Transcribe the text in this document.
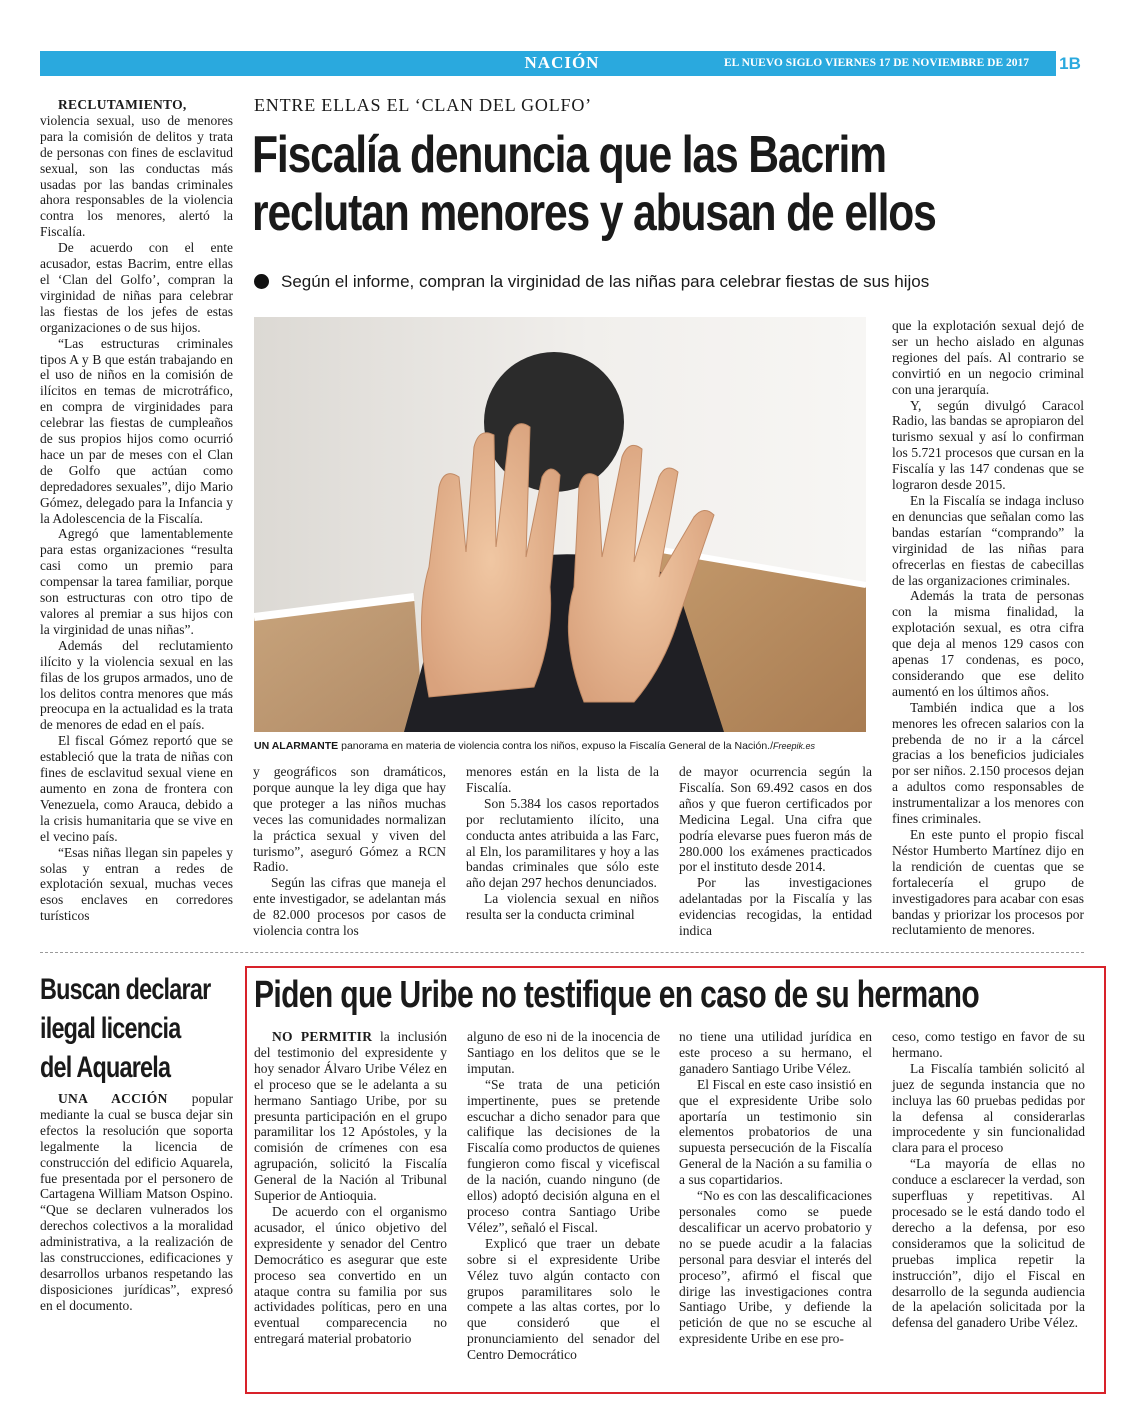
NACIÓN	EL NUEVO SIGLO VIERNES 17 DE NOVIEMBRE DE 2017 1B

RECLUTAMIENTO, violencia sexual, uso de menores para la comisión de delitos y trata de personas con fines de esclavitud sexual, son las conductas más usadas por las bandas criminales ahora responsables de la violencia contra los menores, alertó la Fiscalía.

De acuerdo con el ente acusador, estas Bacrim, entre ellas el ‘Clan del Golfo’, compran la virginidad de niñas para celebrar las fiestas de los jefes de estas organizaciones o de sus hijos.

“Las estructuras criminales tipos A y B que están trabajando en el uso de niños en la comisión de ilícitos en temas de microtráfico, en compra de virginidades para celebrar las fiestas de cumpleaños de sus propios hijos como ocurrió hace un par de meses con el Clan de Golfo que actúan como depredadores sexuales”, dijo Mario Gómez, delegado para la Infancia y la Adolescencia de la Fiscalía.

Agregó que lamentablemente para estas organizaciones “resulta casi como un premio para compensar la tarea familiar, porque son estructuras con otro tipo de valores al premiar a sus hijos con la virginidad de unas niñas”.

Además del reclutamiento ilícito y la violencia sexual en las filas de los grupos armados, uno de los delitos contra menores que más preocupa en la actualidad es la trata de menores de edad en el país.

El fiscal Gómez reportó que se estableció que la trata de niñas con fines de esclavitud sexual viene en aumento en zona de frontera con Venezuela, como Arauca, debido a la crisis humanitaria que se vive en el vecino país.

“Esas niñas llegan sin papeles y solas y entran a redes de explotación sexual, muchas veces esos enclaves en corredores turísticos

ENTRE ELLAS EL ‘CLAN DEL GOLFO’
Fiscalía denuncia que las Bacrim
reclutan menores y abusan de ellos
Según el informe, compran la virginidad de las niñas para celebrar fiestas de sus hijos
UN ALARMANTE panorama en materia de violencia contra los niños, expuso la Fiscalía General de la Nación./Freepik.es

y geográficos son dramáticos, porque aunque la ley diga que hay que proteger a las niños muchas veces las comunidades normalizan la práctica sexual y viven del turismo”, aseguró Gómez a RCN Radio.

Según las cifras que maneja el ente investigador, se adelantan más de 82.000 procesos por casos de violencia contra los

menores están en la lista de la Fiscalía.

Son 5.384 los casos reportados por reclutamiento ilícito, una conducta antes atribuida a las Farc, al Eln, los paramilitares y hoy a las bandas criminales que sólo este año dejan 297 hechos denunciados.

La violencia sexual en niños resulta ser la conducta criminal

de mayor ocurrencia según la Fiscalía. Son 69.492 casos en dos años y que fueron certificados por Medicina Legal. Una cifra que podría elevarse pues fueron más de 280.000 los exámenes practicados por el instituto desde 2014.

Por las investigaciones adelantadas por la Fiscalía y las evidencias recogidas, la entidad indica

que la explotación sexual dejó de ser un hecho aislado en algunas regiones del país. Al contrario se convirtió en un negocio criminal con una jerarquía.

Y, según divulgó Caracol Radio, las bandas se apropiaron del turismo sexual y así lo confirman los 5.721 procesos que cursan en la Fiscalía y las 147 condenas que se lograron desde 2015.

En la Fiscalía se indaga incluso en denuncias que señalan como las bandas estarían “comprando” la virginidad de las niñas para ofrecerlas en fiestas de cabecillas de las organizaciones criminales.

Además la trata de personas con la misma finalidad, la explotación sexual, es otra cifra que deja al menos 129 casos con apenas 17 condenas, es poco, considerando que ese delito aumentó en los últimos años.

También indica que a los menores les ofrecen salarios con la prebenda de no ir a la cárcel gracias a los beneficios judiciales por ser niños. 2.150 procesos dejan a adultos como responsables de instrumentalizar a los menores con fines criminales.

En este punto el propio fiscal Néstor Humberto Martínez dijo en la rendición de cuentas que se fortalecería el grupo de investigadores para acabar con esas bandas y priorizar los procesos por reclutamiento de menores.

Buscan declarar
ilegal licencia
del Aquarela

UNA ACCIÓN popular mediante la cual se busca dejar sin efectos la resolución que soporta legalmente la licencia de construcción del edificio Aquarela, fue presentada por el personero de Cartagena William Matson Ospino. “Que se declaren vulnerados los derechos colectivos a la moralidad administrativa, a la realización de las construcciones, edificaciones y desarrollos urbanos respetando las disposiciones jurídicas”, expresó en el documento.

Piden que Uribe no testifique en caso de su hermano

NO PERMITIR la inclusión del testimonio del expresidente y hoy senador Álvaro Uribe Vélez en el proceso que se le adelanta a su hermano Santiago Uribe, por su presunta participación en el grupo paramilitar los 12 Apóstoles, y la comisión de crímenes con esa agrupación, solicitó la Fiscalía General de la Nación al Tribunal Superior de Antioquia.

De acuerdo con el organismo acusador, el único objetivo del expresidente y senador del Centro Democrático es asegurar que este proceso sea convertido en un ataque contra su familia por sus actividades políticas, pero en una eventual comparecencia no entregará material probatorio

alguno de eso ni de la inocencia de Santiago en los delitos que se le imputan.

“Se trata de una petición impertinente, pues se pretende escuchar a dicho senador para que califique las decisiones de la Fiscalía como productos de quienes fungieron como fiscal y vicefiscal de la nación, cuando ninguno (de ellos) adoptó decisión alguna en el proceso contra Santiago Uribe Vélez”, señaló el Fiscal.

Explicó que traer un debate sobre si el expresidente Uribe Vélez tuvo algún contacto con grupos paramilitares solo le compete a las altas cortes, por lo que consideró que el pronunciamiento del senador del Centro Democrático

no tiene una utilidad jurídica en este proceso a su hermano, el ganadero Santiago Uribe Vélez.

El Fiscal en este caso insistió en que el expresidente Uribe solo aportaría un testimonio sin elementos probatorios de una supuesta persecución de la Fiscalía General de la Nación a su familia o a sus copartidarios.

“No es con las descalificaciones personales como se puede descalificar un acervo probatorio y no se puede acudir a la falacias personal para desviar el interés del proceso”, afirmó el fiscal que dirige las investigaciones contra Santiago Uribe, y defiende la petición de que no se escuche al expresidente Uribe en ese pro-

ceso, como testigo en favor de su hermano.

La Fiscalía también solicitó al juez de segunda instancia que no incluya las 60 pruebas pedidas por la defensa al considerarlas improcedente y sin funcionalidad clara para el proceso

“La mayoría de ellas no conduce a esclarecer la verdad, son superfluas y repetitivas. Al procesado se le está dando todo el derecho a la defensa, por eso consideramos que la solicitud de pruebas implica repetir la instrucción”, dijo el Fiscal en desarrollo de la segunda audiencia de la apelación solicitada por la defensa del ganadero Uribe Vélez.
